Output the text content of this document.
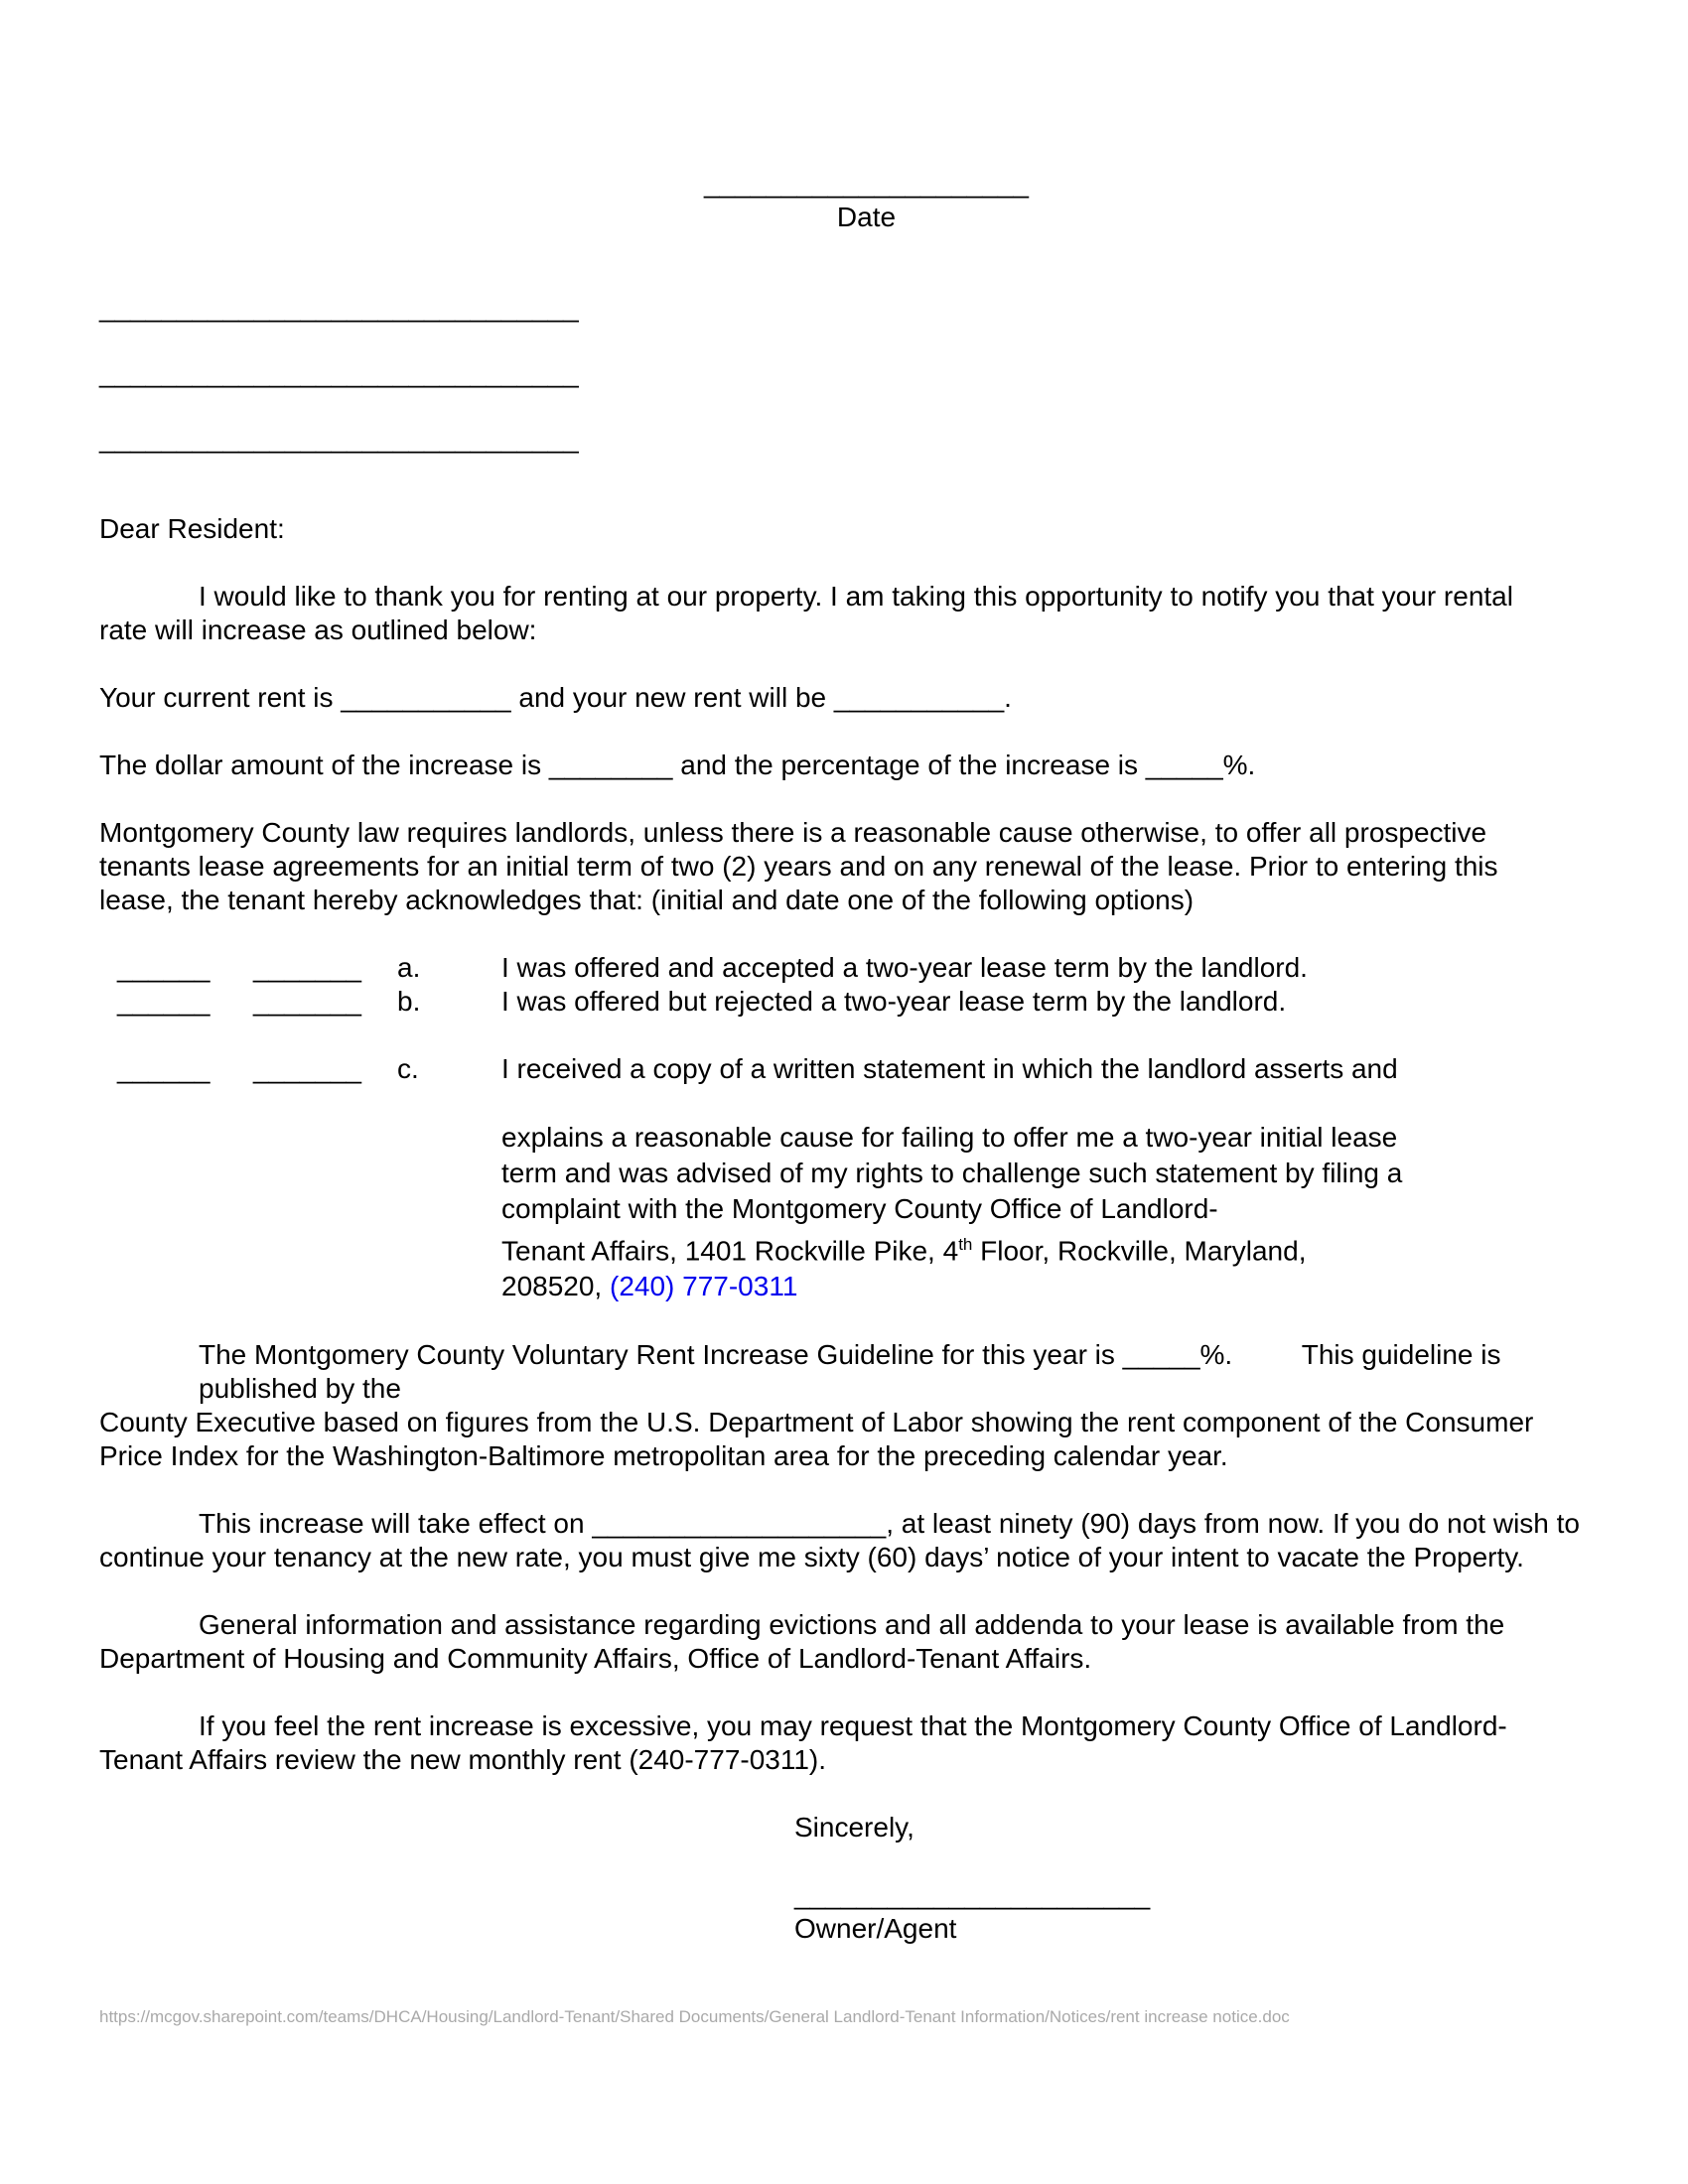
_____________________
Date
_______________________________
_______________________________
_______________________________
Dear Resident:
I would like to thank you for renting at our property. I am taking this opportunity to notify you that your rental
rate will increase as outlined below:
Your current rent is ___________ and your new rent will be ___________.
The dollar amount of the increase is ________ and the percentage of the increase is _____%.
Montgomery County law requires landlords, unless there is a reasonable cause otherwise, to offer all prospective
tenants lease agreements for an initial term of two (2) years and on any renewal of the lease. Prior to entering this
lease, the tenant hereby acknowledges that: (initial and date one of the following options)
______	_______	a.	I was offered and accepted a two-year lease term by the landlord.
______	_______	b.	I was offered but rejected a two-year lease term by the landlord.
______	_______	c.	I received a copy of a written statement in which the landlord asserts and
explains a reasonable cause for failing to offer me a two-year initial lease
term and was advised of my rights to challenge such statement by filing a
complaint with the Montgomery County Office of Landlord-
Tenant Affairs, 1401 Rockville Pike, 4th Floor, Rockville, Maryland,
208520, (240) 777-0311
The Montgomery County Voluntary Rent Increase Guideline for this year is _____%.         This guideline is
published by the
County Executive based on figures from the U.S. Department of Labor showing the rent component of the Consumer
Price Index for the Washington-Baltimore metropolitan area for the preceding calendar year.
This increase will take effect on ___________________, at least ninety (90) days from now. If you do not wish to
continue your tenancy at the new rate, you must give me sixty (60) days’ notice of your intent to vacate the Property.
General information and assistance regarding evictions and all addenda to your lease is available from the
Department of Housing and Community Affairs, Office of Landlord-Tenant Affairs.
If you feel the rent increase is excessive, you may request that the Montgomery County Office of Landlord-
Tenant Affairs review the new monthly rent (240-777-0311).
Sincerely,
_______________________
Owner/Agent
https://mcgov.sharepoint.com/teams/DHCA/Housing/Landlord-Tenant/Shared Documents/General Landlord-Tenant Information/Notices/rent increase notice.doc
